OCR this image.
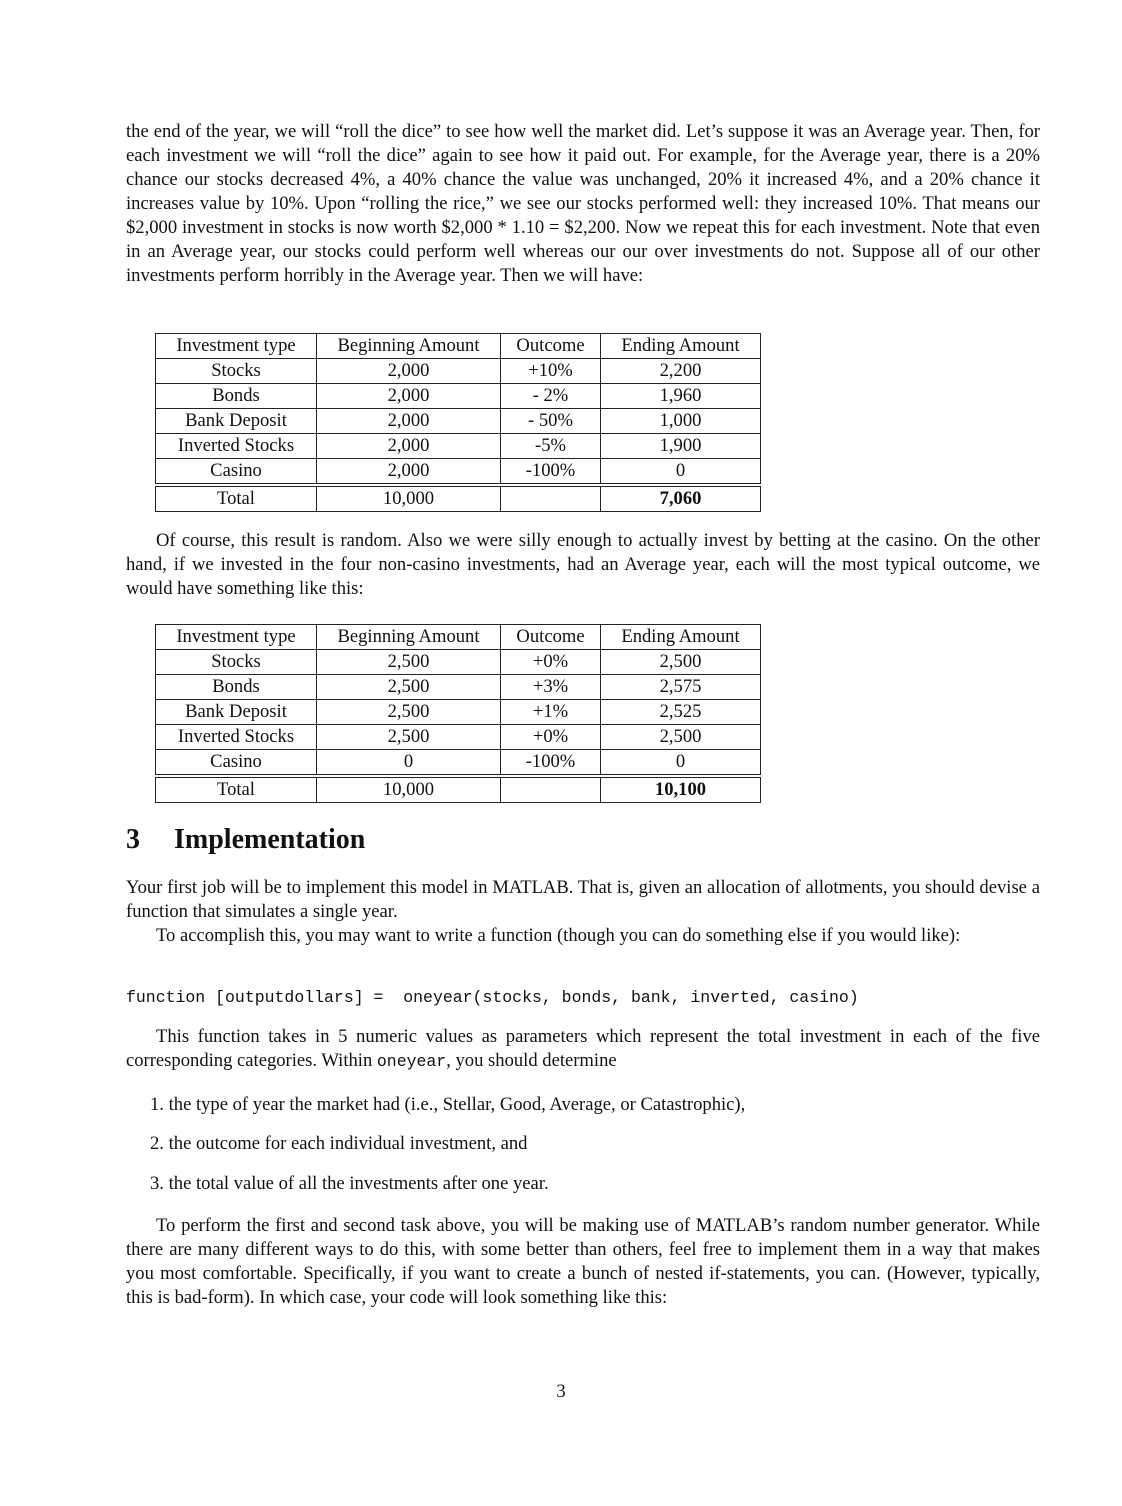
the end of the year, we will “roll the dice” to see how well the market did. Let’s suppose it was an Average year. Then, for each investment we will “roll the dice” again to see how it paid out. For example, for the Average year, there is a 20% chance our stocks decreased 4%, a 40% chance the value was unchanged, 20% it increased 4%, and a 20% chance it increases value by 10%. Upon “rolling the rice,” we see our stocks performed well: they increased 10%. That means our $2,000 investment in stocks is now worth $2,000 * 1.10 = $2,200. Now we repeat this for each investment. Note that even in an Average year, our stocks could perform well whereas our our over investments do not. Suppose all of our other investments perform horribly in the Average year. Then we will have:
Investment type	Beginning Amount	Outcome	Ending Amount
Stocks	2,000	+10%	2,200
Bonds	2,000	- 2%	1,960
Bank Deposit	2,000	- 50%	1,000
Inverted Stocks	2,000	-5%	1,900
Casino	2,000	-100%	0
Total	10,000		7,060
Of course, this result is random. Also we were silly enough to actually invest by betting at the casino. On the other hand, if we invested in the four non-casino investments, had an Average year, each will the most typical outcome, we would have something like this:
Investment type	Beginning Amount	Outcome	Ending Amount
Stocks	2,500	+0%	2,500
Bonds	2,500	+3%	2,575
Bank Deposit	2,500	+1%	2,525
Inverted Stocks	2,500	+0%	2,500
Casino	0	-100%	0
Total	10,000		10,100
3 Implementation
Your first job will be to implement this model in MATLAB. That is, given an allocation of allotments, you should devise a function that simulates a single year.
To accomplish this, you may want to write a function (though you can do something else if you would like):
function [outputdollars] =  oneyear(stocks, bonds, bank, inverted, casino)
This function takes in 5 numeric values as parameters which represent the total investment in each of the five corresponding categories. Within oneyear, you should determine
1. the type of year the market had (i.e., Stellar, Good, Average, or Catastrophic),
2. the outcome for each individual investment, and
3. the total value of all the investments after one year.
To perform the first and second task above, you will be making use of MATLAB’s random number generator. While there are many different ways to do this, with some better than others, feel free to implement them in a way that makes you most comfortable. Specifically, if you want to create a bunch of nested if-statements, you can. (However, typically, this is bad-form). In which case, your code will look something like this:
3
